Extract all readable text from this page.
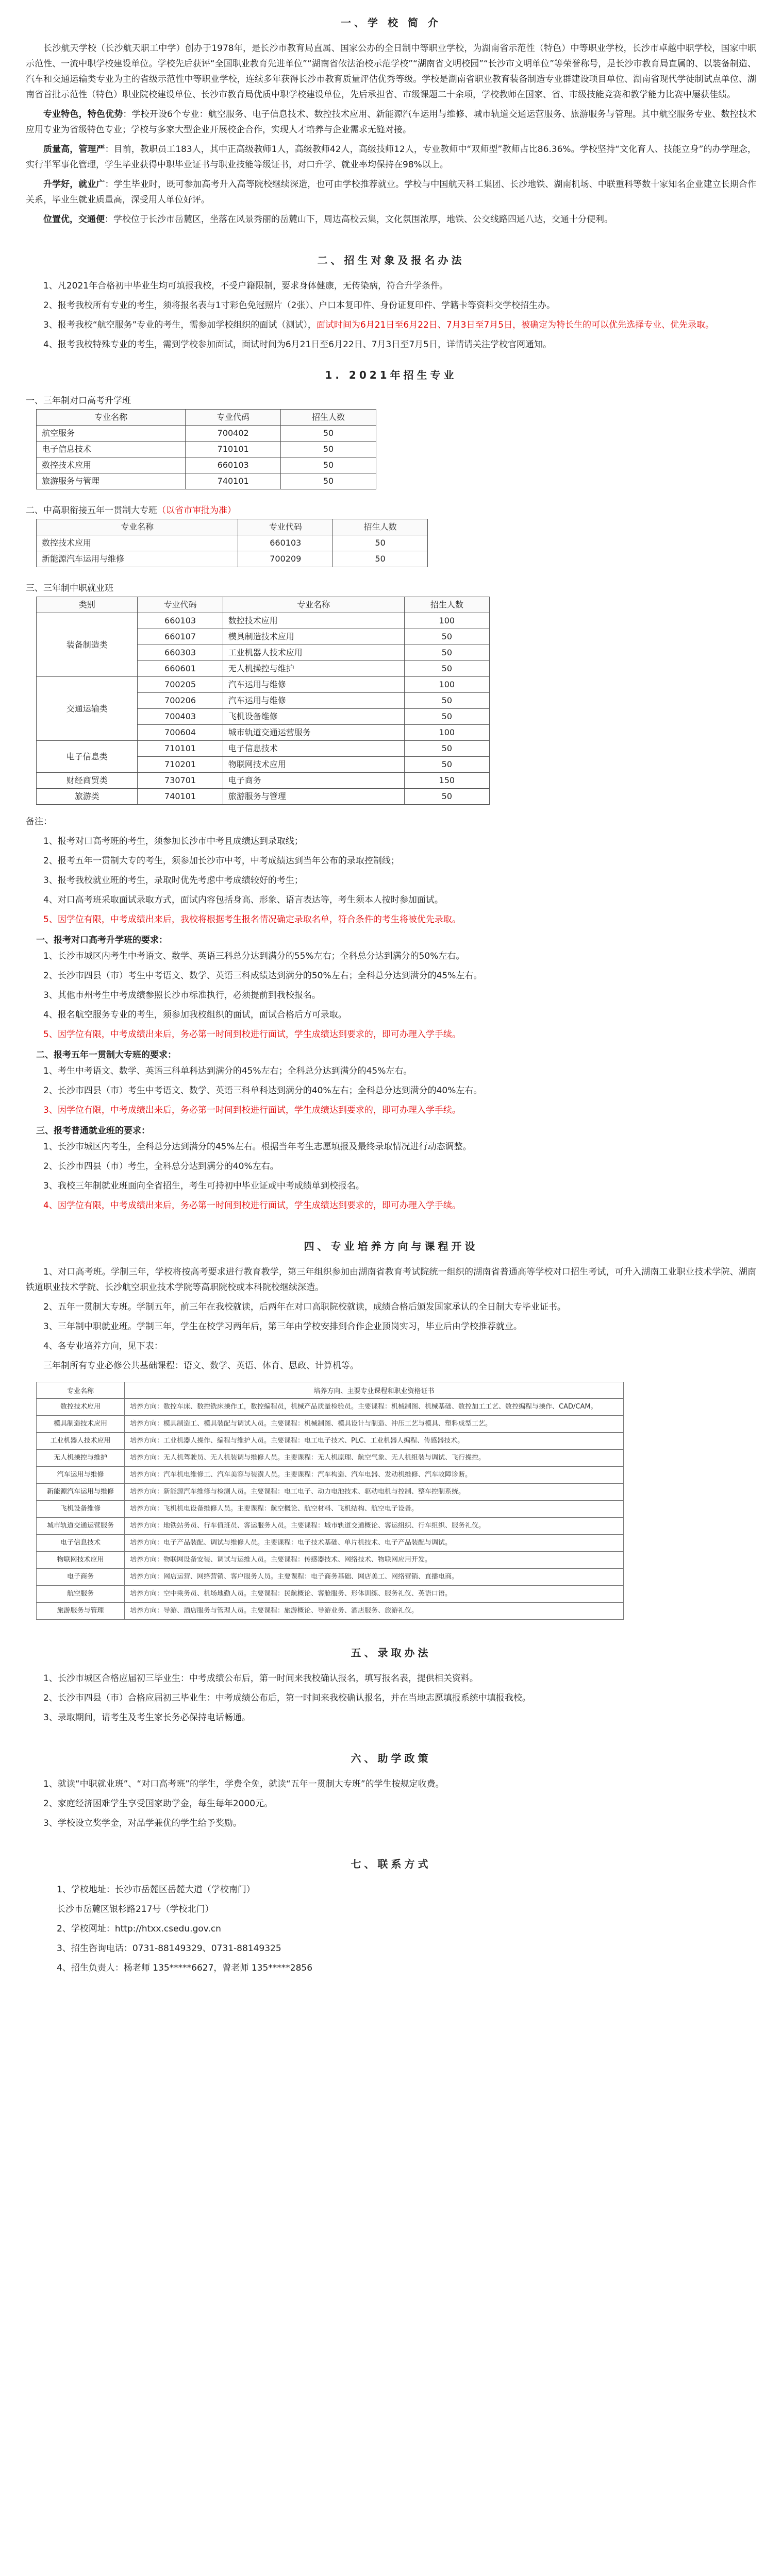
一、学 校 简 介

长沙航天学校（长沙航天职工中学）创办于1978年，是长沙市教育局直属、国家公办的全日制中等职业学校，为湖南省示范性（特色）中等职业学校，长沙市卓越中职学校，国家中职示范性、一流中职学校建设单位。学校先后获评“全国职业教育先进单位”“湖南省依法治校示范学校”“湖南省文明校园”“长沙市文明单位”等荣誉称号，是长沙市教育局直属的、以装备制造、汽车和交通运输类专业为主的省级示范性中等职业学校，连续多年获得长沙市教育质量评估优秀等级。学校是湖南省职业教育装备制造专业群建设项目单位、湖南省现代学徒制试点单位、湖南省首批示范性（特色）职业院校建设单位、长沙市教育局优质中职学校建设单位，先后承担省、市级课题二十余项，学校教师在国家、省、市级技能竞赛和教学能力比赛中屡获佳绩。

专业特色，特色优势：学校开设6个专业：航空服务、电子信息技术、数控技术应用、新能源汽车运用与维修、城市轨道交通运营服务、旅游服务与管理。其中航空服务专业、数控技术应用专业为省级特色专业；学校与多家大型企业开展校企合作，实现人才培养与企业需求无缝对接。

质量高，管理严：目前，教职员工183人，其中正高级教师1人，高级教师42人，高级技师12人，专业教师中“双师型”教师占比86.36%。学校坚持“文化育人、技能立身”的办学理念，实行半军事化管理，学生毕业获得中职毕业证书与职业技能等级证书，对口升学、就业率均保持在98%以上。

升学好，就业广：学生毕业时，既可参加高考升入高等院校继续深造，也可由学校推荐就业。学校与中国航天科工集团、长沙地铁、湖南机场、中联重科等数十家知名企业建立长期合作关系，毕业生就业质量高，深受用人单位好评。

位置优，交通便：学校位于长沙市岳麓区，坐落在风景秀丽的岳麓山下，周边高校云集，文化氛围浓厚，地铁、公交线路四通八达，交通十分便利。

二、招生对象及报名办法

1、凡2021年合格初中毕业生均可填报我校，不受户籍限制，要求身体健康，无传染病，符合升学条件。

2、报考我校所有专业的考生，须将报名表与1寸彩色免冠照片（2张）、户口本复印件、身份证复印件、学籍卡等资料交学校招生办。

3、报考我校“航空服务”专业的考生，需参加学校组织的面试（测试），面试时间为6月21日至6月22日、7月3日至7月5日，被确定为特长生的可以优先选择专业、优先录取。

4、报考我校特殊专业的考生，需到学校参加面试，面试时间为6月21日至6月22日、7月3日至7月5日，详情请关注学校官网通知。

1. 2021年招生专业
一、三年制对口高考升学班
专业名称	专业代码	招生人数
航空服务	700402	50
电子信息技术	710101	50
数控技术应用	660103	50
旅游服务与管理	740101	50
二、中高职衔接五年一贯制大专班（以省市审批为准）
专业名称	专业代码	招生人数
数控技术应用	660103	50
新能源汽车运用与维修	700209	50
三、三年制中职就业班
类别	专业代码	专业名称	招生人数
装备制造类	660103	数控技术应用	100
	660107	模具制造技术应用	50
	660303	工业机器人技术应用	50
	660601	无人机操控与维护	50
交通运输类	700205	汽车运用与维修	100
	700206	汽车运用与维修	50
	700403	飞机设备维修	50
	700604	城市轨道交通运营服务	100
电子信息类	710101	电子信息技术	50
	710201	物联网技术应用	50
财经商贸类	730701	电子商务	150
旅游类	740101	旅游服务与管理	50

备注：

1、报考对口高考班的考生，须参加长沙市中考且成绩达到录取线；

2、报考五年一贯制大专的考生，须参加长沙市中考，中考成绩达到当年公布的录取控制线；

3、报考我校就业班的考生，录取时优先考虑中考成绩较好的考生；

4、对口高考班采取面试录取方式，面试内容包括身高、形象、语言表达等，考生须本人按时参加面试。

5、因学位有限，中考成绩出来后，我校将根据考生报名情况确定录取名单，符合条件的考生将被优先录取。

一、报考对口高考升学班的要求：

1、长沙市城区内考生中考语文、数学、英语三科总分达到满分的55%左右；全科总分达到满分的50%左右。

2、长沙市四县（市）考生中考语文、数学、英语三科成绩达到满分的50%左右；全科总分达到满分的45%左右。

3、其他市州考生中考成绩参照长沙市标准执行，必须提前到我校报名。

4、报名航空服务专业的考生，须参加我校组织的面试，面试合格后方可录取。

5、因学位有限，中考成绩出来后，务必第一时间到校进行面试，学生成绩达到要求的，即可办理入学手续。

二、报考五年一贯制大专班的要求：

1、考生中考语文、数学、英语三科单科达到满分的45%左右；全科总分达到满分的45%左右。

2、长沙市四县（市）考生中考语文、数学、英语三科单科达到满分的40%左右；全科总分达到满分的40%左右。

3、因学位有限，中考成绩出来后，务必第一时间到校进行面试，学生成绩达到要求的，即可办理入学手续。

三、报考普通就业班的要求：

1、长沙市城区内考生，全科总分达到满分的45%左右。根据当年考生志愿填报及最终录取情况进行动态调整。

2、长沙市四县（市）考生，全科总分达到满分的40%左右。

3、我校三年制就业班面向全省招生，考生可持初中毕业证或中考成绩单到校报名。

4、因学位有限，中考成绩出来后，务必第一时间到校进行面试，学生成绩达到要求的，即可办理入学手续。

四、专业培养方向与课程开设

1、对口高考班。学制三年，学校将按高考要求进行教育教学，第三年组织参加由湖南省教育考试院统一组织的湖南省普通高等学校对口招生考试，可升入湖南工业职业技术学院、湖南铁道职业技术学院、长沙航空职业技术学院等高职院校或本科院校继续深造。

2、五年一贯制大专班。学制五年，前三年在我校就读，后两年在对口高职院校就读，成绩合格后颁发国家承认的全日制大专毕业证书。

3、三年制中职就业班。学制三年，学生在校学习两年后，第三年由学校安排到合作企业顶岗实习，毕业后由学校推荐就业。

4、各专业培养方向，见下表：

三年制所有专业必修公共基础课程：语文、数学、英语、体育、思政、计算机等。

专业名称	培养方向、主要专业课程和职业资格证书
数控技术应用	培养方向：数控车床、数控铣床操作工，数控编程员，机械产品质量检验员。主要课程：机械制图、机械基础、数控加工工艺、数控编程与操作、CAD/CAM。
模具制造技术应用	培养方向：模具制造工、模具装配与调试人员。主要课程：机械制图、模具设计与制造、冲压工艺与模具、塑料成型工艺。
工业机器人技术应用	培养方向：工业机器人操作、编程与维护人员。主要课程：电工电子技术、PLC、工业机器人编程、传感器技术。
无人机操控与维护	培养方向：无人机驾驶员、无人机装调与维修人员。主要课程：无人机原理、航空气象、无人机组装与调试、飞行操控。
汽车运用与维修	培养方向：汽车机电维修工、汽车美容与装潢人员。主要课程：汽车构造、汽车电器、发动机维修、汽车故障诊断。
新能源汽车运用与维修	培养方向：新能源汽车维修与检测人员。主要课程：电工电子、动力电池技术、驱动电机与控制、整车控制系统。
飞机设备维修	培养方向：飞机机电设备维修人员。主要课程：航空概论、航空材料、飞机结构、航空电子设备。
城市轨道交通运营服务	培养方向：地铁站务员、行车值班员、客运服务人员。主要课程：城市轨道交通概论、客运组织、行车组织、服务礼仪。
电子信息技术	培养方向：电子产品装配、调试与维修人员。主要课程：电子技术基础、单片机技术、电子产品装配与调试。
物联网技术应用	培养方向：物联网设备安装、调试与运维人员。主要课程：传感器技术、网络技术、物联网应用开发。
电子商务	培养方向：网店运营、网络营销、客户服务人员。主要课程：电子商务基础、网店美工、网络营销、直播电商。
航空服务	培养方向：空中乘务员、机场地勤人员。主要课程：民航概论、客舱服务、形体训练、服务礼仪、英语口语。
旅游服务与管理	培养方向：导游、酒店服务与管理人员。主要课程：旅游概论、导游业务、酒店服务、旅游礼仪。
五、录取办法

1、长沙市城区合格应届初三毕业生：中考成绩公布后，第一时间来我校确认报名，填写报名表，提供相关资料。

2、长沙市四县（市）合格应届初三毕业生：中考成绩公布后，第一时间来我校确认报名，并在当地志愿填报系统中填报我校。

3、录取期间，请考生及考生家长务必保持电话畅通。

六、助学政策

1、就读“中职就业班”、“对口高考班”的学生，学费全免，就读“五年一贯制大专班”的学生按规定收费。

2、家庭经济困难学生享受国家助学金，每生每年2000元。

3、学校设立奖学金，对品学兼优的学生给予奖励。

七、联系方式

1、学校地址：长沙市岳麓区岳麓大道（学校南门）

长沙市岳麓区银杉路217号（学校北门）

2、学校网址：http://htxx.csedu.gov.cn

3、招生咨询电话：0731-88149329、0731-88149325

4、招生负责人：杨老师 135*****6627，曾老师 135*****2856
